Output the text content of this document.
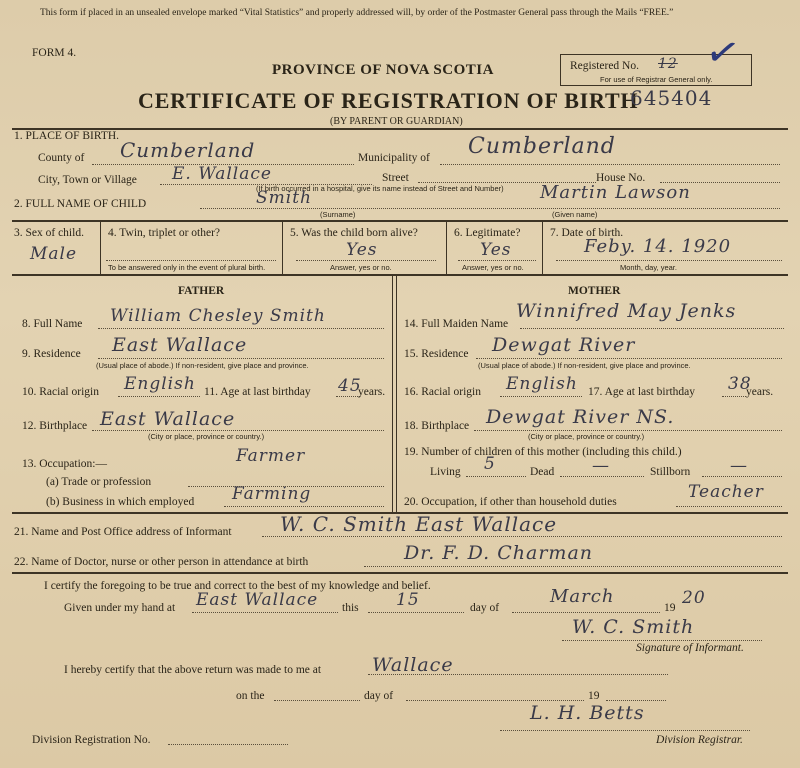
This form if placed in an unsealed envelope marked “Vital Statistics” and properly addressed will, by order of the Postmaster General pass through the Mails “FREE.”
FORM 4.
PROVINCE OF NOVA SCOTIA
CERTIFICATE OF REGISTRATION OF BIRTH
645404
(BY PARENT OR GUARDIAN)
Registered No. 12
For use of Registrar General only.
✓
1. PLACE OF BIRTH.
County of Cumberland	Municipality of Cumberland
City, Town or Village E. Wallace	Street	House No.
(If birth occurred in a hospital, give its name instead of Street and Number)
2. FULL NAME OF CHILD	Smith
(Surname)
Martin Lawson
(Given name)
3. Sex of child.
Male
4. Twin, triplet or other?
To be answered only in the event of plural birth.
5. Was the child born alive?
Yes
Answer, yes or no.
6. Legitimate?
Yes
Answer, yes or no.
7. Date of birth.
Feby. 14. 1920
Month, day, year.
FATHER	MOTHER
8. Full Name William Chesley Smith
9. Residence East Wallace
(Usual place of abode.) If non-resident, give place and province.
10. Racial origin English 11. Age at last birthday 45
years.
12. Birthplace East Wallace
(City or place, province or country.)
13. Occupation:—	Farmer
(a) Trade or profession
(b) Business in which employed Farming
14. Full Maiden Name
Winnifred May Jenks
15. Residence Dewgat River
(Usual place of abode.) If non-resident, give place and province.
16. Racial origin English 17. Age at last birthday 38
years.
18. Birthplace Dewgat River NS.
(City or place, province or country.)
19. Number of children of this mother (including this child.)
Living 5	Dead —	Stillborn —
20. Occupation, if other than household duties	Teacher
21. Name and Post Office address of Informant W. C. Smith East Wallace
22. Name of Doctor, nurse or other person in attendance at birth	Dr. F. D. Charman
I certify the foregoing to be true and correct to the best of my knowledge and belief.
Given under my hand at East Wallace this 15	day of
March
19 20
W. C. Smith
Signature of Informant.
I hereby certify that the above return was made to me at	Wallace
on the	day of	19
L. H. Betts
Division Registration No.	Division Registrar.
